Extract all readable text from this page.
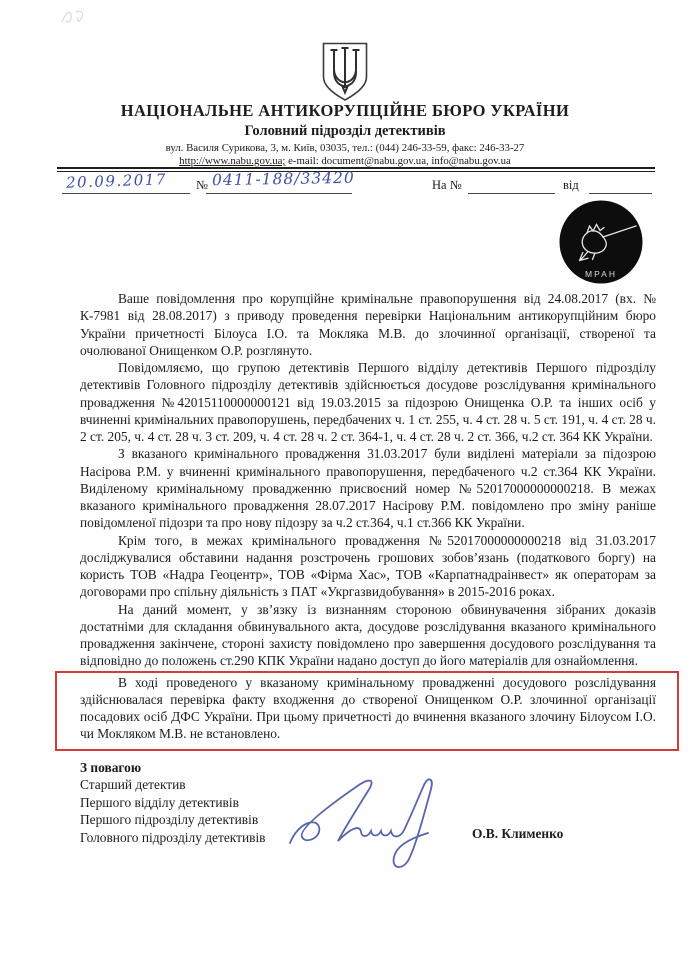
НАЦІОНАЛЬНЕ АНТИКОРУПЦІЙНЕ БЮРО УКРАЇНИ
Головний підрозділ детективів
вул. Василя Сурикова, 3, м. Київ, 03035, тел.: (044) 246-33-59, факс: 246-33-27
http://www.nabu.gov.ua; e-mail: document@nabu.gov.ua, info@nabu.gov.ua
20.09.2017 № 0411-188/33420	На №	від
МРАН

Ваше повідомлення про корупційне кримінальне правопорушення від 24.08.2017 (вх. № К-7981 від 28.08.2017) з приводу проведення перевірки Національним антикорупційним бюро України причетності Білоуса І.О. та Мокляка М.В. до злочинної організації, створеної та очолюваної Онищенком О.Р. розглянуто.

Повідомляємо, що групою детективів Першого відділу детективів Першого підрозділу детективів Головного підрозділу детективів здійснюється досудове розслідування кримінального провадження №42015110000000121 від 19.03.2015 за підозрою Онищенка О.Р. та інших осіб у вчиненні кримінальних правопорушень, передбачених ч. 1 ст. 255, ч. 4 ст. 28 ч. 5 ст. 191, ч. 4 ст. 28 ч. 2 ст. 205, ч. 4 ст. 28 ч. 3 ст. 209, ч. 4 ст. 28 ч. 2 ст. 364-1, ч. 4 ст. 28 ч. 2 ст. 366, ч.2 ст. 364 КК України.

З вказаного кримінального провадження 31.03.2017 були виділені матеріали за підозрою Насірова Р.М. у вчиненні кримінального правопорушення, передбаченого ч.2 ст.364 КК України. Виділеному кримінальному провадженню присвоєний номер №52017000000000218. В межах вказаного кримінального провадження 28.07.2017 Насірову Р.М. повідомлено про зміну раніше повідомленої підозри та про нову підозру за ч.2 ст.364, ч.1 ст.366 КК України.

Крім того, в межах кримінального провадження №52017000000000218 від 31.03.2017 досліджувалися обставини надання розстрочень грошових зобов’язань (податкового боргу) на користь ТОВ «Надра Геоцентр», ТОВ «Фірма Хас», ТОВ «Карпатнадраінвест» як операторам за договорами про спільну діяльність з ПАТ «Укргазвидобування» в 2015-2016 роках.

На даний момент, у зв’язку із визнанням стороною обвинувачення зібраних доказів достатніми для складання обвинувального акта, досудове розслідування вказаного кримінального провадження закінчене, стороні захисту повідомлено про завершення досудового розслідування та відповідно до положень ст.290 КПК України надано доступ до його матеріалів для ознайомлення.

В ході проведеного у вказаному кримінальному провадженні досудового розслідування здійснювалася перевірка факту входження до створеної Онищенком О.Р. злочинної організації посадових осіб ДФС України. При цьому причетності до вчинення вказаного злочину Білоусом І.О. чи Мокляком М.В. не встановлено.

З повагою
Старший детектив
Першого відділу детективів
Першого підрозділу детективів
Головного підрозділу детективів	О.В. Клименко
